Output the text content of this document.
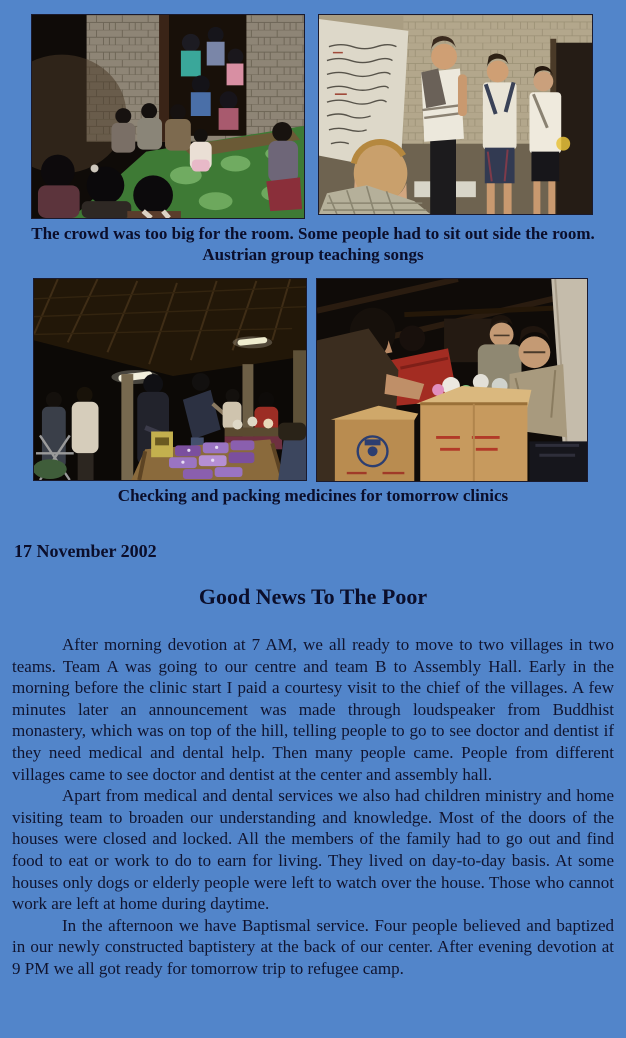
The crowd was too big for the room. Some people had to sit out side the room.
Austrian group teaching songs
Checking and packing medicines for tomorrow clinics
17 November 2002
Good News To The Poor

After morning devotion at 7 AM, we all ready to move to two villages in two teams. Team A was going to our centre and team B to Assembly Hall. Early in the morning before the clinic start I paid a courtesy visit to the chief of the villages. A few minutes later an announcement was made through loudspeaker from Buddhist monastery, which was on top of the hill, telling people to go to see doctor and dentist if they need medical and dental help. Then many people came. People from different villages came to see doctor and dentist at the center and assembly hall.

Apart from medical and dental services we also had children ministry and home visiting team to broaden our understanding and knowledge. Most of the doors of the houses were closed and locked. All the members of the family had to go out and find food to eat or work to do to earn for living. They lived on day-to-day basis. At some houses only dogs or elderly people were left to watch over the house. Those who cannot work are left at home during daytime.

In the afternoon we have Baptismal service. Four people believed and baptized in our newly constructed baptistery at the back of our center. After evening devotion at 9 PM we all got ready for tomorrow trip to refugee camp.
